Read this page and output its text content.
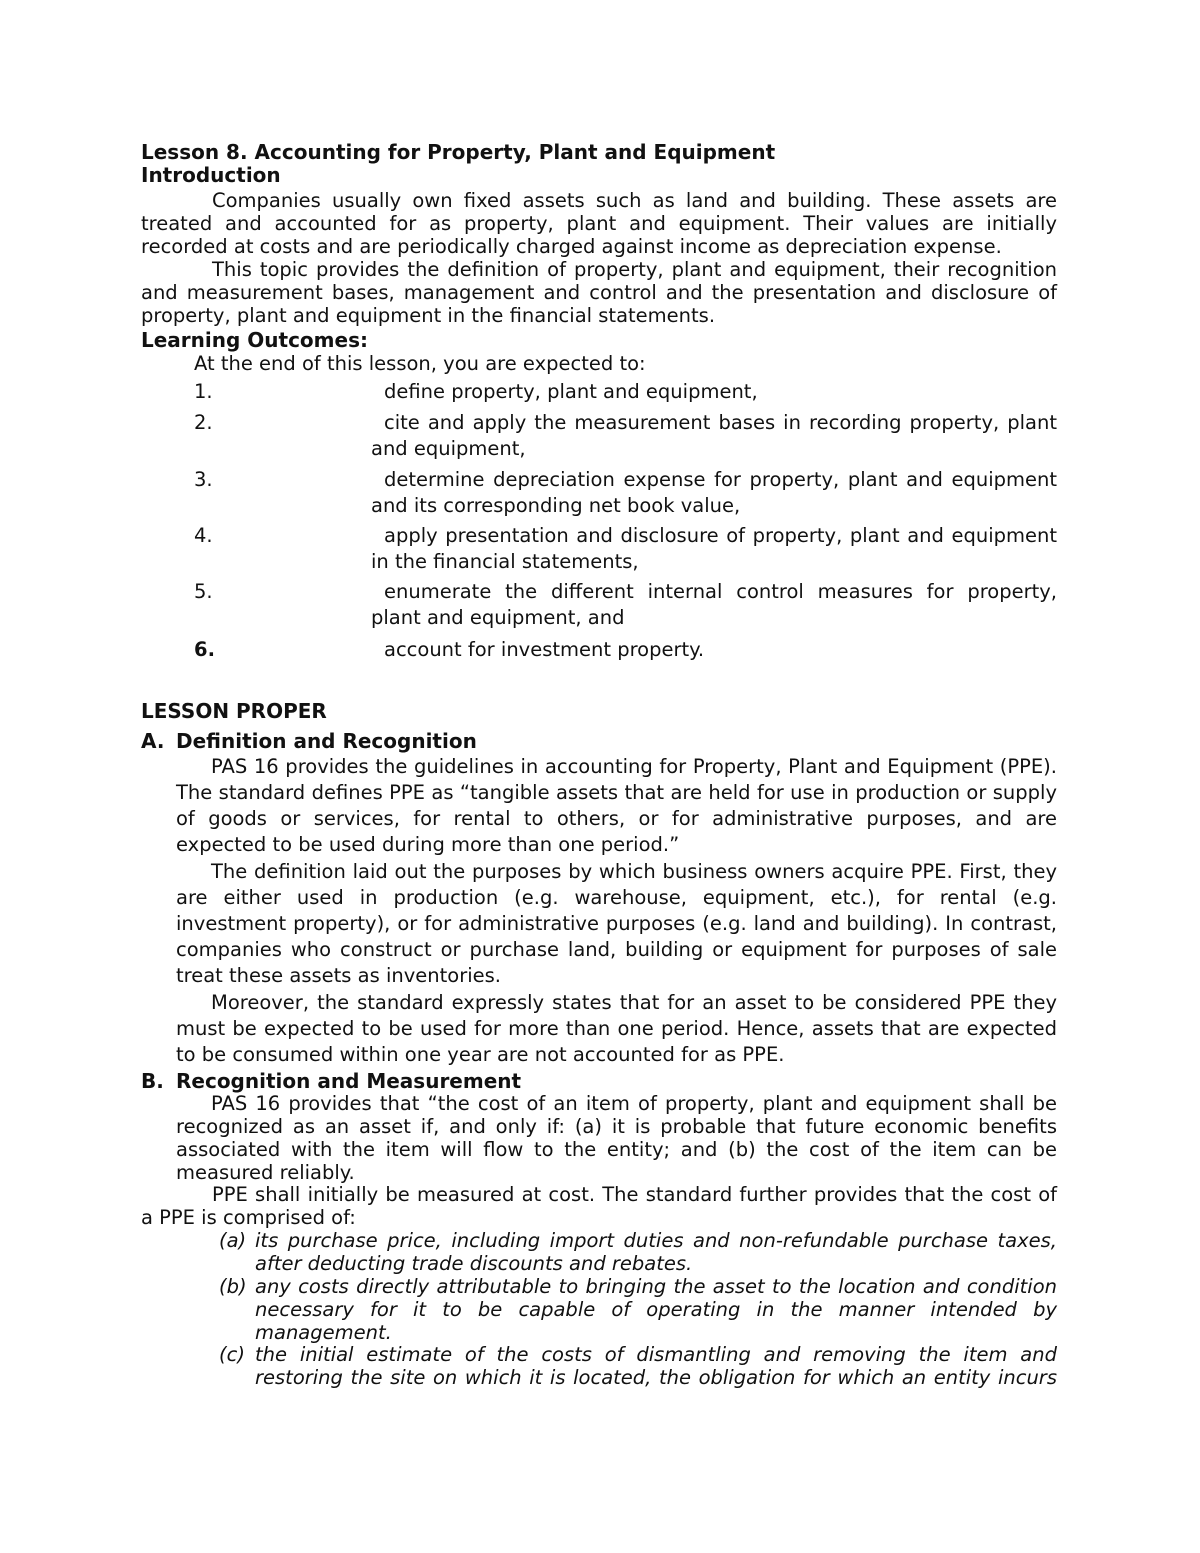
Lesson 8. Accounting for Property, Plant and Equipment
Introduction

Companies usually own fixed assets such as land and building. These assets are treated and accounted for as property, plant and equipment. Their values are initially recorded at costs and are periodically charged against income as depreciation expense.

This topic provides the definition of property, plant and equipment, their recognition and measurement bases, management and control and the presentation and disclosure of property, plant and equipment in the financial statements.

Learning Outcomes:
At the end of this lesson, you are expected to:
1.	define property, plant and equipment,
2.	cite and apply the measurement bases in recording property, plant and equipment,
3.	determine depreciation expense for property, plant and equipment and its corresponding net book value,
4.	apply presentation and disclosure of property, plant and equipment in the financial statements,
5.	enumerate the different internal control measures for property, plant and equipment, and
6.	account for investment property.
LESSON PROPER
A. Definition and Recognition

PAS 16 provides the guidelines in accounting for Property, Plant and Equipment (PPE). The standard defines PPE as “tangible assets that are held for use in production or supply of goods or services, for rental to others, or for administrative purposes, and are expected to be used during more than one period.”

The definition laid out the purposes by which business owners acquire PPE. First, they are either used in production (e.g. warehouse, equipment, etc.), for rental (e.g. investment property), or for administrative purposes (e.g. land and building). In contrast, companies who construct or purchase land, building or equipment for purposes of sale treat these assets as inventories.

Moreover, the standard expressly states that for an asset to be considered PPE they must be expected to be used for more than one period. Hence, assets that are expected to be consumed within one year are not accounted for as PPE.

B. Recognition and Measurement

PAS 16 provides that “the cost of an item of property, plant and equipment shall be recognized as an asset if, and only if: (a) it is probable that future economic benefits associated with the item will flow to the entity; and (b) the cost of the item can be measured reliably.

PPE shall initially be measured at cost. The standard further provides that the cost of a PPE is comprised of:

(a) its purchase price, including import duties and non-refundable purchase taxes, after deducting trade discounts and rebates.
(b) any costs directly attributable to bringing the asset to the location and condition necessary for it to be capable of operating in the manner intended by management.
(c) the initial estimate of the costs of dismantling and removing the item and restoring the site on which it is located, the obligation for which an entity incurs
